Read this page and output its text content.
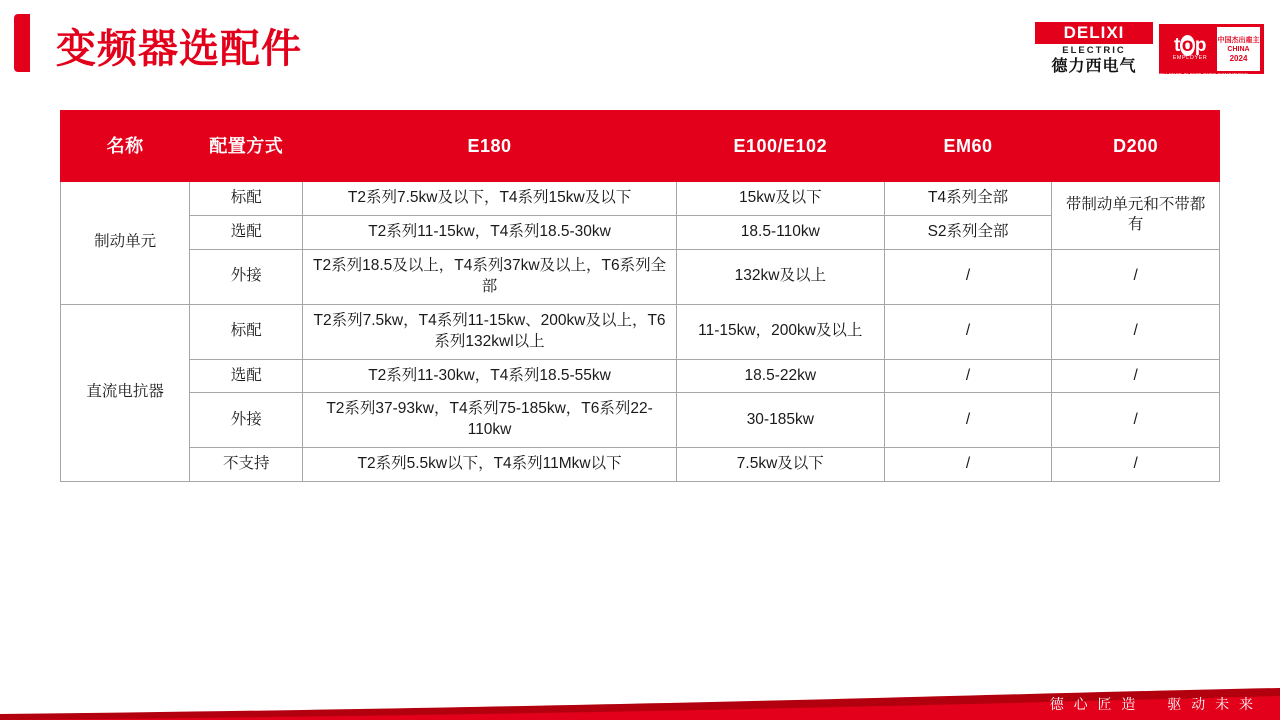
变频器选配件	DELIXI
ELECTRIC
德力西电气
t o p
EMPLOYER
中国杰出雇主
CHINA
2024
CERTIFIED EXCELLENCE IN EMPLOYEE CONDITIONS
名称	配置方式	E180	E100/E102	EM60	D200
制动单元	标配	T2系列7.5kw及以下，T4系列15kw及以下	15kw及以下	T4系列全部	带制动单元和不带都有
	选配	T2系列11-15kw，T4系列18.5-30kw	18.5-110kw	S2系列全部	
	外接	T2系列18.5及以上，T4系列37kw及以上，T6系列全部	132kw及以上	/	/
直流电抗器	标配	T2系列7.5kw，T4系列11-15kw、200kw及以上，T6系列132kwl以上	11-15kw，200kw及以上	/	/
	选配	T2系列11-30kw，T4系列18.5-55kw	18.5-22kw	/	/
	外接	T2系列37-93kw，T4系列75-185kw，T6系列22-110kw	30-185kw	/	/
	不支持	T2系列5.5kw以下，T4系列11Mkw以下	7.5kw及以下	/	/
德 心 匠 造 驱 动 未 来
